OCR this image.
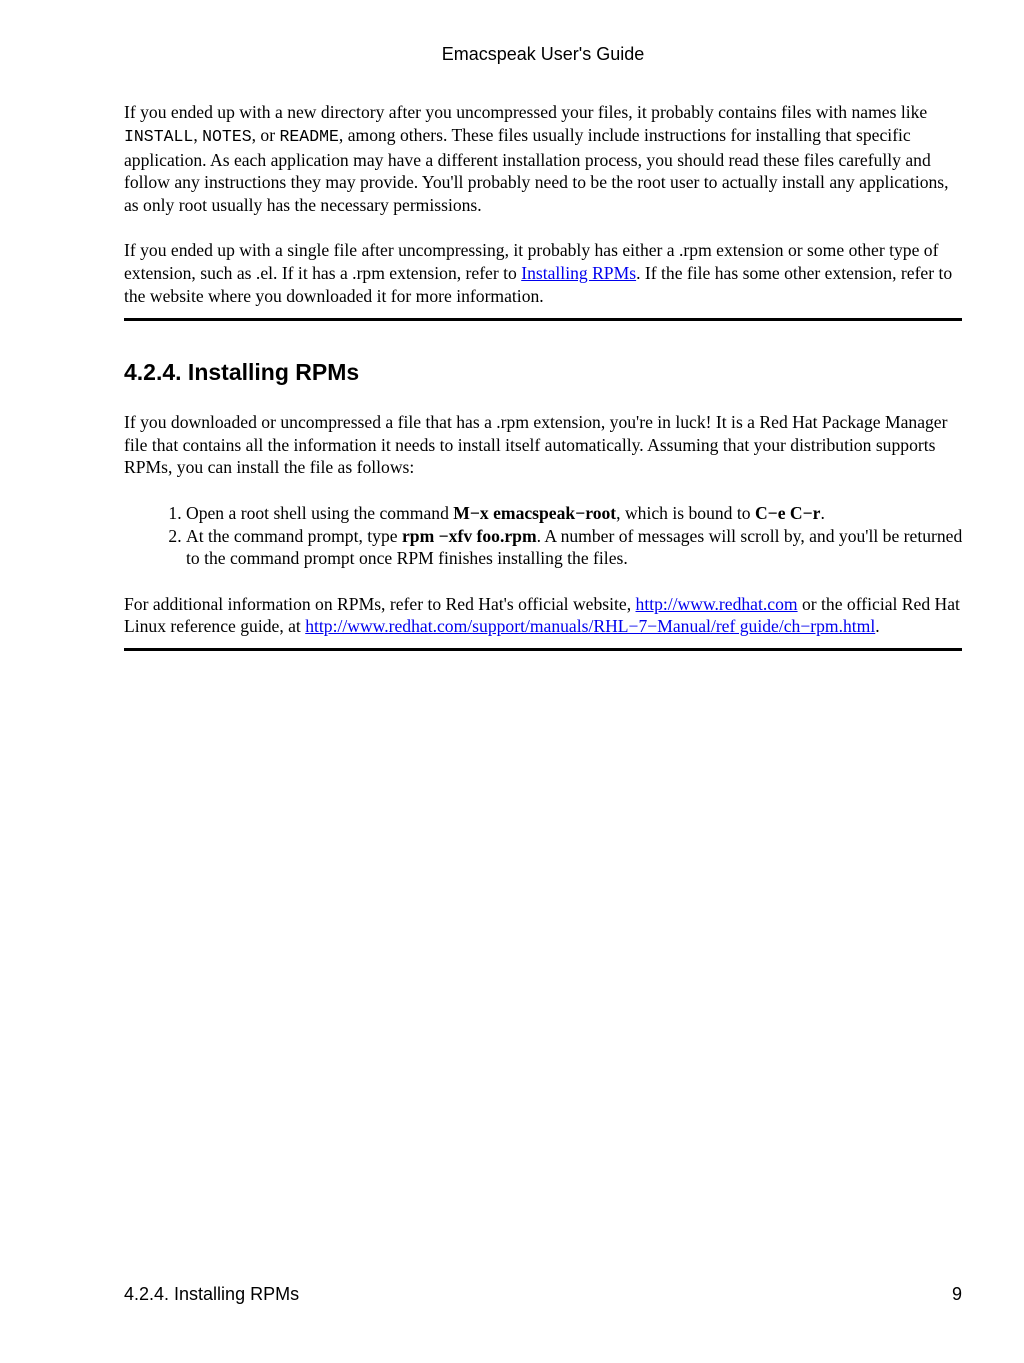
Emacspeak User's Guide

If you ended up with a new directory after you uncompressed your files, it probably contains files with names like INSTALL, NOTES, or README, among others. These files usually include instructions for installing that specific application. As each application may have a different installation process, you should read these files carefully and follow any instructions they may provide. You'll probably need to be the root user to actually install any applications, as only root usually has the necessary permissions.

If you ended up with a single file after uncompressing, it probably has either a .rpm extension or some other type of extension, such as .el. If it has a .rpm extension, refer to Installing RPMs. If the file has some other extension, refer to the website where you downloaded it for more information.

4.2.4. Installing RPMs

If you downloaded or uncompressed a file that has a .rpm extension, you're in luck! It is a Red Hat Package Manager file that contains all the information it needs to install itself automatically. Assuming that your distribution supports RPMs, you can install the file as follows:

1. Open a root shell using the command M−x emacspeak−root, which is bound to C−e C−r.
2. At the command prompt, type rpm −xfv foo.rpm. A number of messages will scroll by, and you'll be returned to the command prompt once RPM finishes installing the files.

For additional information on RPMs, refer to Red Hat's official website, http://www.redhat.com or the official Red Hat Linux reference guide, at http://www.redhat.com/support/manuals/RHL−7−Manual/ref guide/ch−rpm.html.

4.2.4. Installing RPMs	9
